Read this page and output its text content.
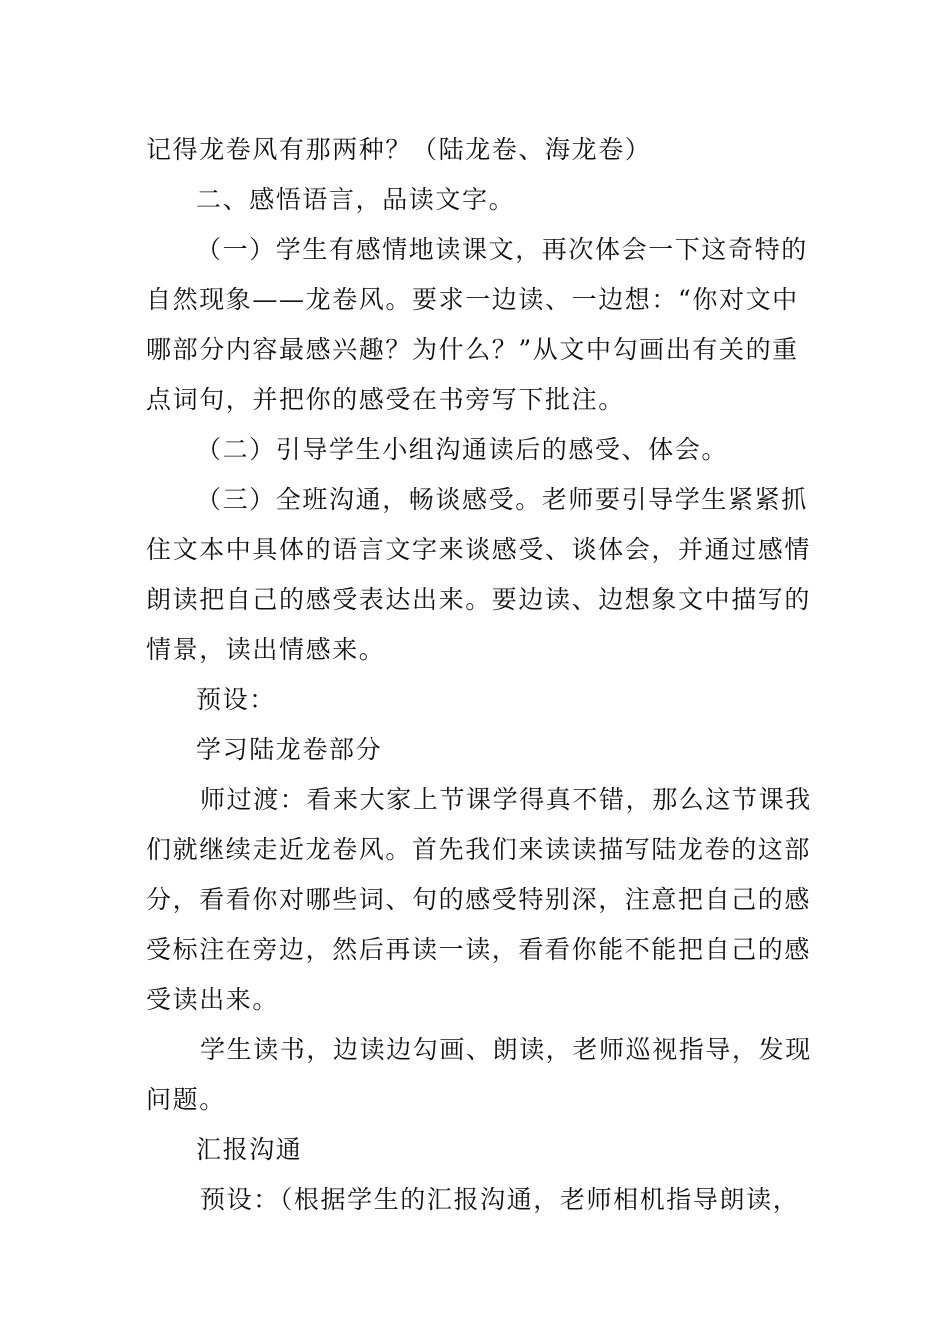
记得龙卷风有那两种？（陆龙卷、海龙卷）
二、感悟语言，品读文字。
（一）学生有感情地读课文，再次体会一下这奇特的
自然现象——龙卷风。要求一边读、一边想：“你对文中
哪部分内容最感兴趣？为什么？”从文中勾画出有关的重
点词句，并把你的感受在书旁写下批注。
（二）引导学生小组沟通读后的感受、体会。
（三）全班沟通，畅谈感受。老师要引导学生紧紧抓
住文本中具体的语言文字来谈感受、谈体会，并通过感情
朗读把自己的感受表达出来。要边读、边想象文中描写的
情景，读出情感来。
预设：
学习陆龙卷部分
师过渡：看来大家上节课学得真不错，那么这节课我
们就继续走近龙卷风。首先我们来读读描写陆龙卷的这部
分，看看你对哪些词、句的感受特别深，注意把自己的感
受标注在旁边，然后再读一读，看看你能不能把自己的感
受读出来。
学生读书，边读边勾画、朗读，老师巡视指导，发现
问题。
汇报沟通
预设：（根据学生的汇报沟通，老师相机指导朗读，
